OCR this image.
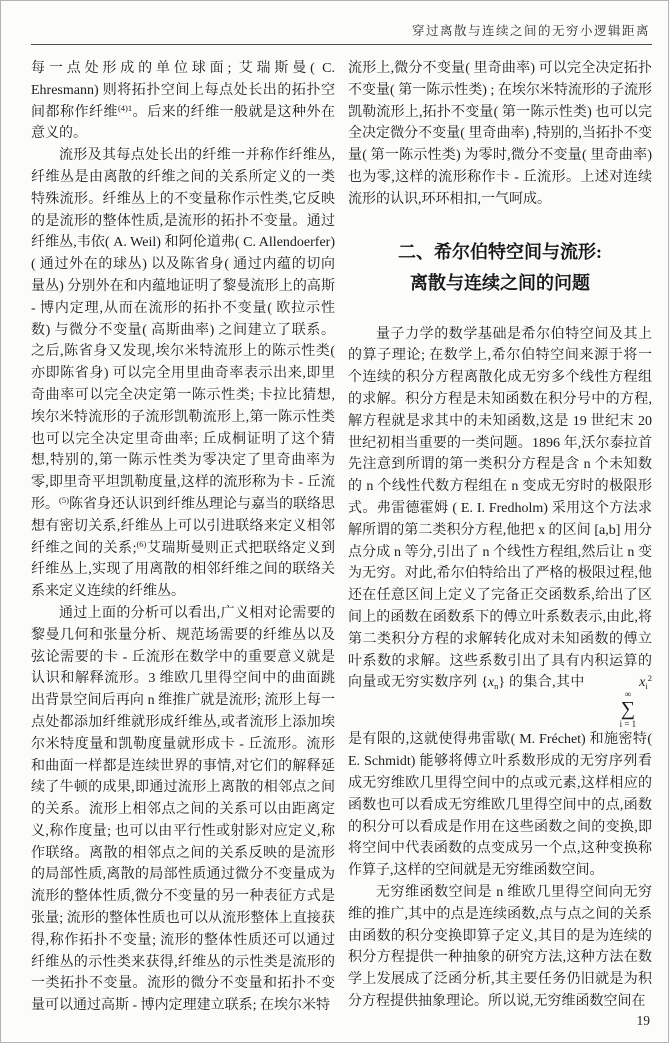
穿过离散与连续之间的无穷小逻辑距离

每一点处形成的单位球面; 艾瑞斯曼( C. Ehresmann) 则将拓扑空间上每点处长出的拓扑空间都称作纤维$^{(4)1}$。后来的纤维一般就是这种外在意义的。

流形及其每点处长出的纤维一并称作纤维丛,纤维丛是由离散的纤维之间的关系所定义的一类特殊流形。纤维丛上的不变量称作示性类,它反映的是流形的整体性质,是流形的拓扑不变量。通过纤维丛,韦依( A. Weil) 和阿伦道弗( C. Allendoerfer) ( 通过外在的球丛) 以及陈省身( 通过内蕴的切向量丛) 分别外在和内蕴地证明了黎曼流形上的高斯 - 博内定理,从而在流形的拓扑不变量( 欧拉示性数) 与微分不变量( 高斯曲率) 之间建立了联系。之后,陈省身又发现,埃尔米特流形上的陈示性类( 亦即陈省身) 可以完全用里曲奇率表示出来,即里奇曲率可以完全决定第一陈示性类; 卡拉比猜想,埃尔米特流形的子流形凯勒流形上,第一陈示性类也可以完全决定里奇曲率; 丘成桐证明了这个猜想,特别的,第一陈示性类为零决定了里奇曲率为零,即里奇平坦凯勒度量,这样的流形称为卡 - 丘流形。$^{(5)}$陈省身还认识到纤维丛理论与嘉当的联络思想有密切关系,纤维丛上可以引进联络来定义相邻纤维之间的关系;$^{(6)}$艾瑞斯曼则正式把联络定义到纤维丛上,实现了用离散的相邻纤维之间的联络关系来定义连续的纤维丛。

通过上面的分析可以看出,广义相对论需要的黎曼几何和张量分析、规范场需要的纤维丛以及弦论需要的卡 - 丘流形在数学中的重要意义就是认识和解释流形。3 维欧几里得空间中的曲面跳出背景空间后再向 n 维推广就是流形; 流形上每一点处都添加纤维就形成纤维丛,或者流形上添加埃尔米特度量和凯勒度量就形成卡 - 丘流形。流形和曲面一样都是连续世界的事情,对它们的解释延续了牛顿的成果,即通过流形上离散的相邻点之间的关系。流形上相邻点之间的关系可以由距离定义,称作度量; 也可以由平行性或射影对应定义,称作联络。离散的相邻点之间的关系反映的是流形的局部性质,离散的局部性质通过微分不变量成为流形的整体性质,微分不变量的另一种表征方式是张量; 流形的整体性质也可以从流形整体上直接获得,称作拓扑不变量; 流形的整体性质还可以通过纤维丛的示性类来获得,纤维丛的示性类是流形的一类拓扑不变量。流形的微分不变量和拓扑不变量可以通过高斯 - 博内定理建立联系; 在埃尔米特

流形上,微分不变量( 里奇曲率) 可以完全决定拓扑不变量( 第一陈示性类) ; 在埃尔米特流形的子流形凯勒流形上,拓扑不变量( 第一陈示性类) 也可以完全决定微分不变量( 里奇曲率) ,特别的,当拓扑不变量( 第一陈示性类) 为零时,微分不变量( 里奇曲率) 也为零,这样的流形称作卡 - 丘流形。上述对连续流形的认识,环环相扣,一气呵成。

二、希尔伯特空间与流形:
离散与连续之间的问题

量子力学的数学基础是希尔伯特空间及其上的算子理论; 在数学上,希尔伯特空间来源于将一个连续的积分方程离散化成无穷多个线性方程组的求解。积分方程是未知函数在积分号中的方程,解方程就是求其中的未知函数,这是 19 世纪末 20 世纪初相当重要的一类问题。1896 年,沃尔泰拉首先注意到所谓的第一类积分方程是含 n 个未知数的 n 个线性代数方程组在 n 变成无穷时的极限形式。弗雷德霍姆 ( E. I. Fredholm) 采用这个方法求解所谓的第二类积分方程,他把 x 的区间 [a,b] 用分点分成 n 等分,引出了 n 个线性方程组,然后让 n 变为无穷。对此,希尔伯特给出了严格的极限过程,他还在任意区间上定义了完备正交函数系,给出了区间上的函数在函数系下的傅立叶系数表示,由此,将第二类积分方程的求解转化成对未知函数的傅立叶系数的求解。这些系数引出了具有内积运算的向量或无穷实数序列 $\{x_n\}$ 的集合,其中
∞
∑
i = 1
$x_i^2$ 是有限的,这就使得弗雷歇( M. Fréchet) 和施密特( E. Schmidt) 能够将傅立叶系数形成的无穷序列看成无穷维欧几里得空间中的点或元素,这样相应的函数也可以看成无穷维欧几里得空间中的点,函数的积分可以看成是作用在这些函数之间的变换,即将空间中代表函数的点变成另一个点,这种变换称作算子,这样的空间就是无穷维函数空间。

无穷维函数空间是 n 维欧几里得空间向无穷维的推广,其中的点是连续函数,点与点之间的关系由函数的积分变换即算子定义,其目的是为连续的积分方程提供一种抽象的研究方法,这种方法在数学上发展成了泛函分析,其主要任务仍旧就是为积分方程提供抽象理论。所以说,无穷维函数空间在

19
